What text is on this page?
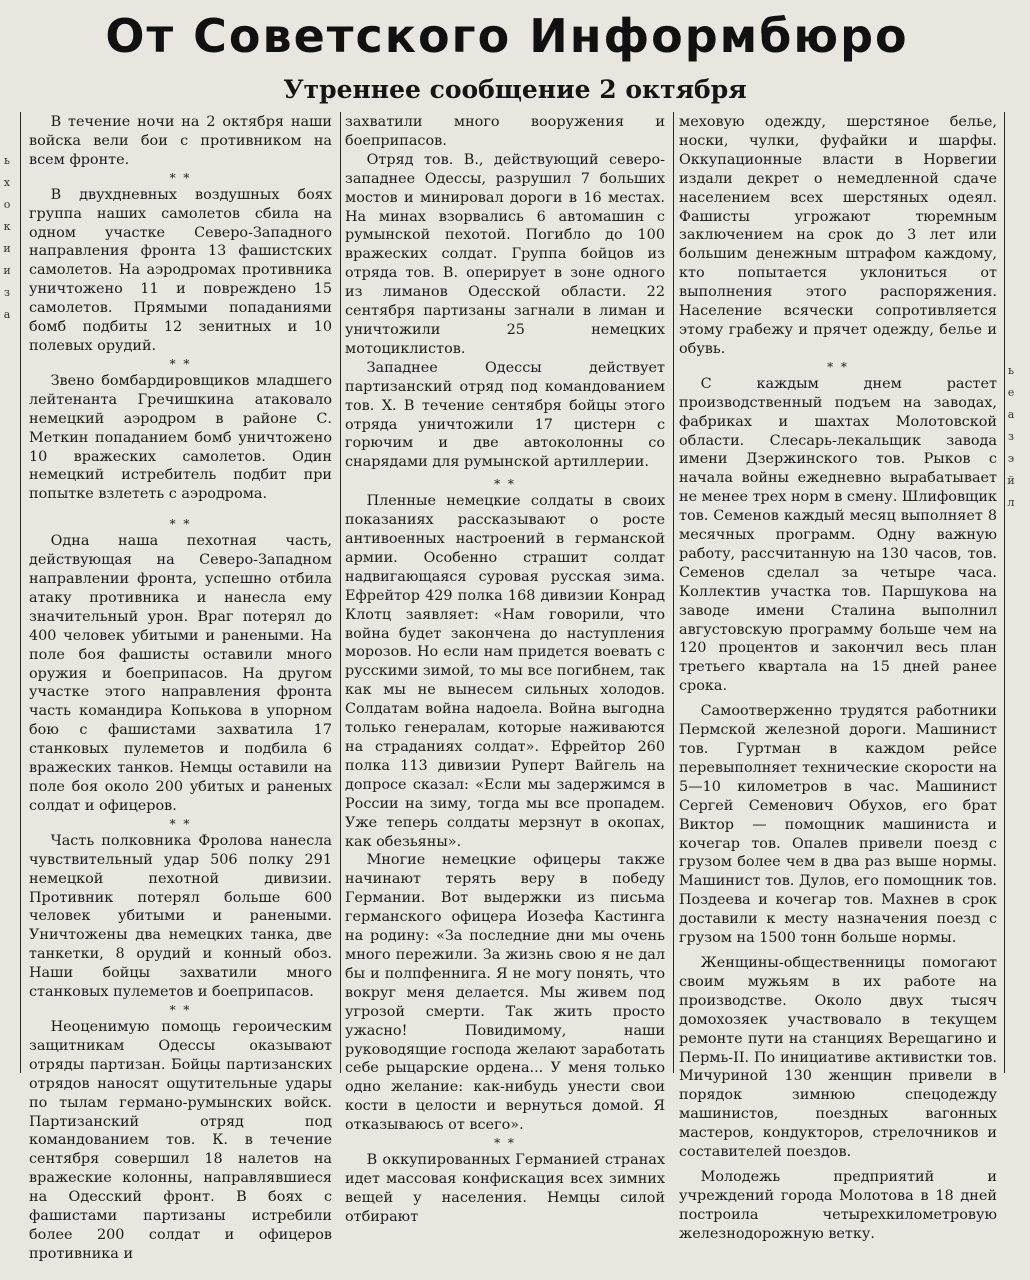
От Советского Информбюро
Утреннее сообщение 2 октября
ь
х
о
к
и
и
з
а
ь
е
а
з
э
й
л

В течение ночи на 2 октября наши войска вели бои с противником на всем фронте.

* *

В двухдневных воздушных боях группа наших самолетов сбила на одном участке Северо-Западного направления фронта 13 фашистских самолетов. На аэродромах противника уничтожено 11 и повреждено 15 самолетов. Прямыми попаданиями бомб подбиты 12 зенитных и 10 полевых орудий.

* *

Звено бомбардировщиков младшего лейтенанта Гречишкина атаковало немецкий аэродром в районе С. Меткин попаданием бомб уничтожено 10 вражеских самолетов. Один немецкий истребитель подбит при попытке взлететь с аэродрома.

* *

Одна наша пехотная часть, действующая на Северо-Западном направлении фронта, успешно отбила атаку противника и нанесла ему значительный урон. Враг потерял до 400 человек убитыми и ранеными. На поле боя фашисты оставили много оружия и боеприпасов. На другом участке этого направления фронта часть командира Копькова в упорном бою с фашистами захватила 17 станковых пулеметов и подбила 6 вражеских танков. Немцы оставили на поле боя около 200 убитых и раненых солдат и офицеров.

* *

Часть полковника Фролова нанесла чувствительный удар 506 полку 291 немецкой пехотной дивизии. Противник потерял больше 600 человек убитыми и ранеными. Уничтожены два немецких танка, две танкетки, 8 орудий и конный обоз. Наши бойцы захватили много станковых пулеметов и боеприпасов.

* *

Неоценимую помощь героическим защитникам Одессы оказывают отряды партизан. Бойцы партизанских отрядов наносят ощутительные удары по тылам германо-румынских войск. Партизанский отряд под командованием тов. К. в течение сентября совершил 18 налетов на вражеские колонны, направлявшиеся на Одесский фронт. В боях с фашистами партизаны истребили более 200 солдат и офицеров противника и

захватили много вооружения и боеприпасов.

Отряд тов. В., действующий северо-западнее Одессы, разрушил 7 больших мостов и минировал дороги в 16 местах. На минах взорвались 6 автомашин с румынской пехотой. Погибло до 100 вражеских солдат. Группа бойцов из отряда тов. В. оперирует в зоне одного из лиманов Одесской области. 22 сентября партизаны загнали в лиман и уничтожили 25 немецких мотоциклистов.

Западнее Одессы действует партизанский отряд под командованием тов. Х. В течение сентября бойцы этого отряда уничтожили 17 цистерн с горючим и две автоколонны со снарядами для румынской артиллерии.

* *

Пленные немецкие солдаты в своих показаниях рассказывают о росте антивоенных настроений в германской армии. Особенно страшит солдат надвигающаяся суровая русская зима. Ефрейтор 429 полка 168 дивизии Конрад Клотц заявляет: «Нам говорили, что война будет закончена до наступления морозов. Но если нам придется воевать с русскими зимой, то мы все погибнем, так как мы не вынесем сильных холодов. Солдатам война надоела. Война выгодна только генералам, которые наживаются на страданиях солдат». Ефрейтор 260 полка 113 дивизии Руперт Вайгель на допросе сказал: «Если мы задержимся в России на зиму, тогда мы все пропадем. Уже теперь солдаты мерзнут в окопах, как обезьяны».

Многие немецкие офицеры также начинают терять веру в победу Германии. Вот выдержки из письма германского офицера Иозефа Кастинга на родину: «За последние дни мы очень много пережили. За жизнь свою я не дал бы и полпфеннига. Я не могу понять, что вокруг меня делается. Мы живем под угрозой смерти. Так жить просто ужасно! Повидимому, наши руководящие господа желают заработать себе рыцарские ордена... У меня только одно желание: как-нибудь унести свои кости в целости и вернуться домой. Я отказываюсь от всего».

* *

В оккупированных Германией странах идет массовая конфискация всех зимних вещей у населения. Немцы силой отбирают

меховую одежду, шерстяное белье, носки, чулки, фуфайки и шарфы. Оккупационные власти в Норвегии издали декрет о немедленной сдаче населением всех шерстяных одеял. Фашисты угрожают тюремным заключением на срок до 3 лет или большим денежным штрафом каждому, кто попытается уклониться от выполнения этого распоряжения. Население всячески сопротивляется этому грабежу и прячет одежду, белье и обувь.

* *

С каждым днем растет производственный подъем на заводах, фабриках и шахтах Молотовской области. Слесарь-лекальщик завода имени Дзержинского тов. Рыков с начала войны ежедневно вырабатывает не менее трех норм в смену. Шлифовщик тов. Семенов каждый месяц выполняет 8 месячных программ. Одну важную работу, рассчитанную на 130 часов, тов. Семенов сделал за четыре часа. Коллектив участка тов. Паршукова на заводе имени Сталина выполнил августовскую программу больше чем на 120 процентов и закончил весь план третьего квартала на 15 дней ранее срока.

Самоотверженно трудятся работники Пермской железной дороги. Машинист тов. Гуртман в каждом рейсе перевыполняет технические скорости на 5—10 километров в час. Машинист Сергей Семенович Обухов, его брат Виктор — помощник машиниста и кочегар тов. Опалев привели поезд с грузом более чем в два раз выше нормы. Машинист тов. Дулов, его помощник тов. Поздеева и кочегар тов. Махнев в срок доставили к месту назначения поезд с грузом на 1500 тонн больше нормы.

Женщины-общественницы помогают своим мужьям в их работе на производстве. Около двух тысяч домохозяек участвовало в текущем ремонте пути на станциях Верещагино и Пермь-II. По инициативе активистки тов. Мичуриной 130 женщин привели в порядок зимнюю спецодежду машинистов, поездных вагонных мастеров, кондукторов, стрелочников и составителей поездов.

Молодежь предприятий и учреждений города Молотова в 18 дней построила четырехкилометровую железнодорожную ветку.
